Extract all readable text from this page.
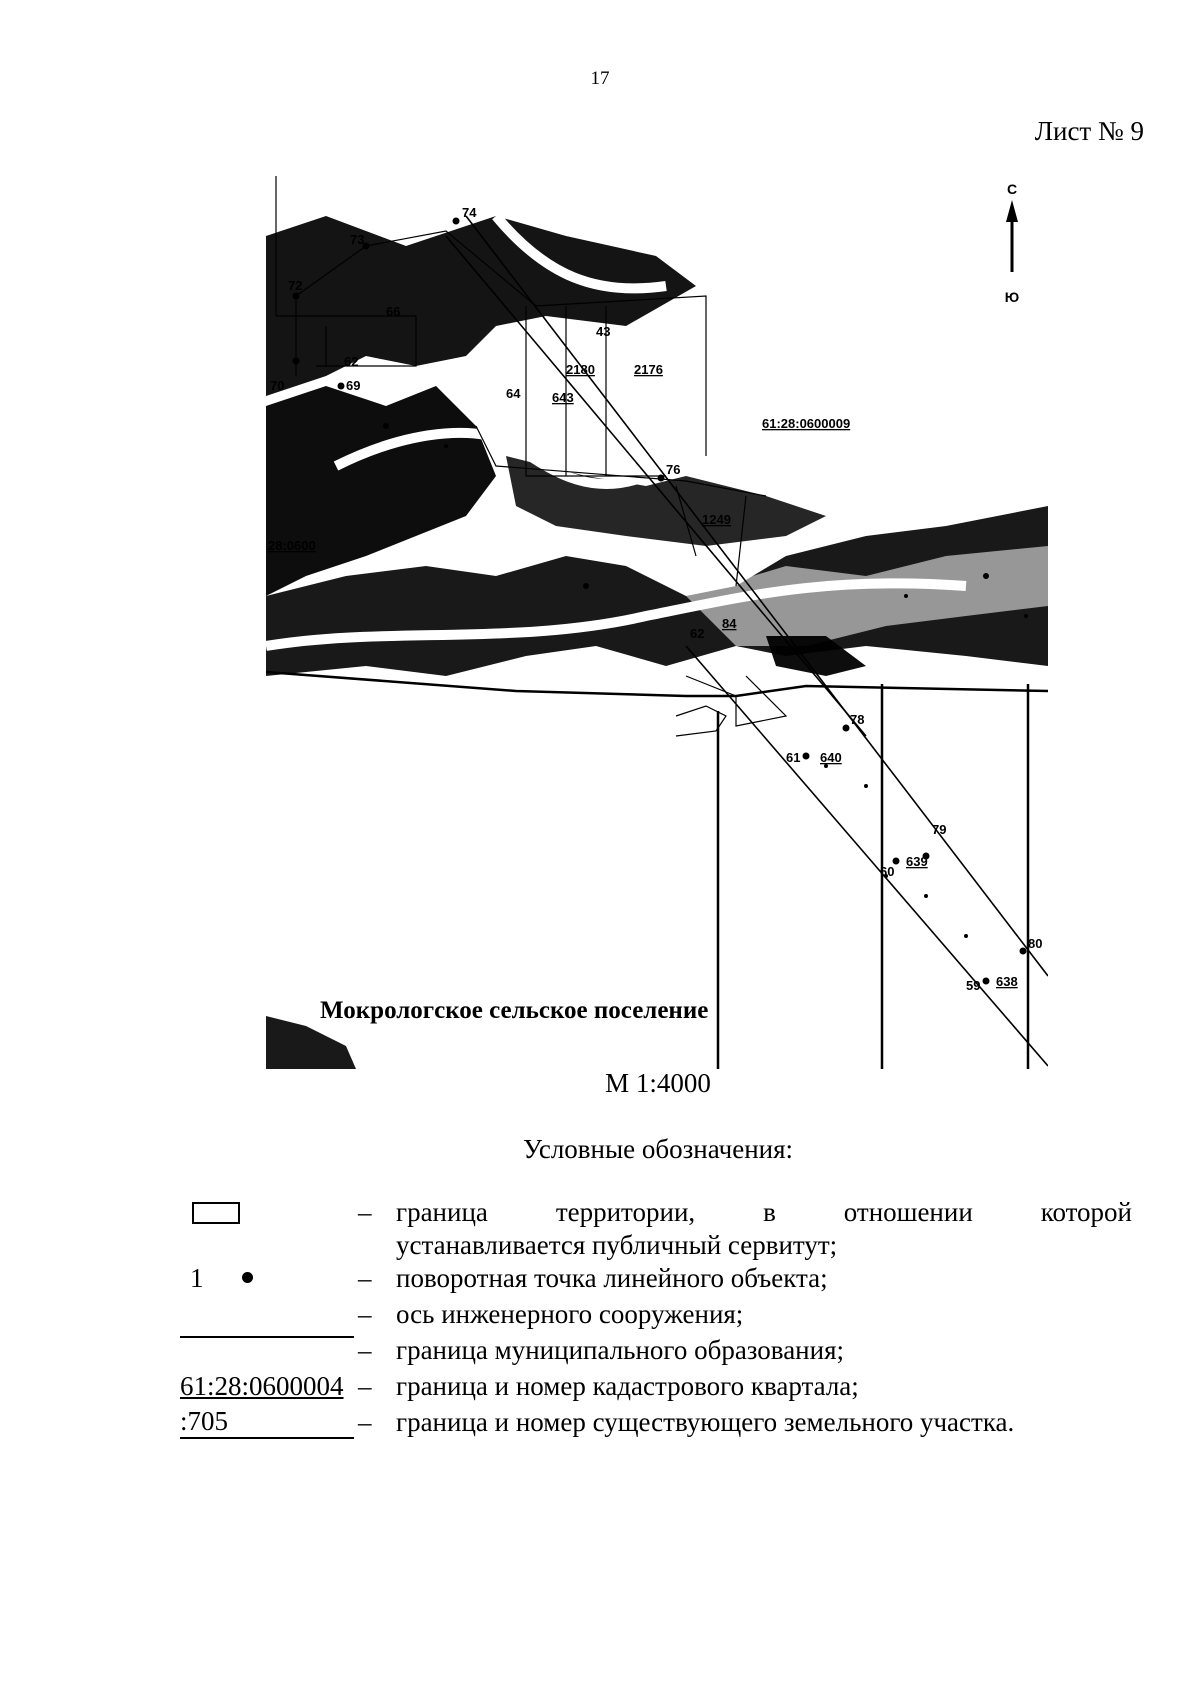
17
Лист № 9
74
73
72
66
62
70	69
64
76
62
61
78
79
60
80
59
43
2176
2180
643
1249
640
639
638
84
61:28:0600009
28:0600
С
Ю
Мокрологское сельское поселение
М 1:4000
Условные обозначения:
– граница территории, в отношении которой
устанавливается публичный сервитут;
1	– поворотная точка линейного объекта;
– ось инженерного сооружения;
– граница муниципального образования;
61:28:0600004 – граница и номер кадастрового квартала;
:705	– граница и номер существующего земельного участка.
